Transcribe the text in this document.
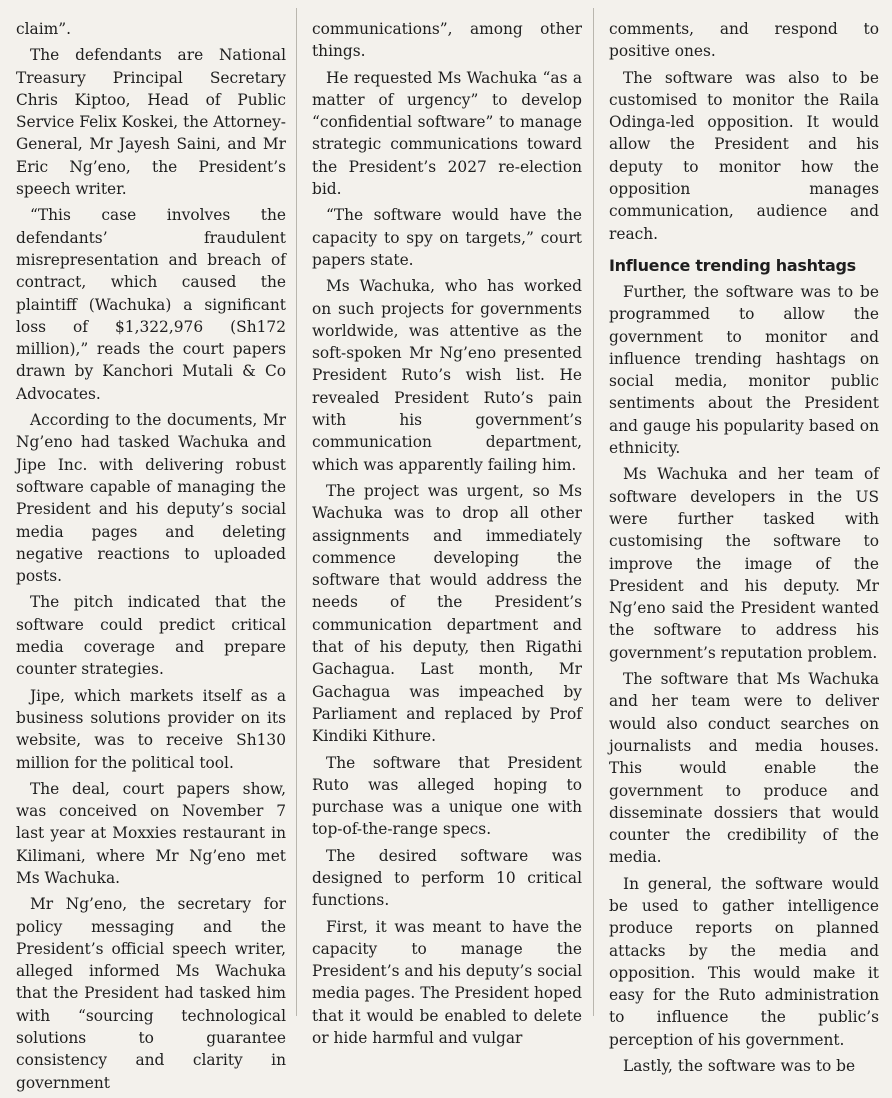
claim”.

The defendants are National Treasury Principal Secretary Chris Kiptoo, Head of Public Service Felix Koskei, the Attorney-General, Mr Jayesh Saini, and Mr Eric Ng’eno, the President’s speech writer.

“This case involves the defendants’ fraudulent misrepresentation and breach of contract, which caused the plaintiff (Wachuka) a significant loss of $1,322,976 (Sh172 million),” reads the court papers drawn by Kanchori Mutali & Co Advocates.

According to the documents, Mr Ng’eno had tasked Wachuka and Jipe Inc. with delivering robust software capable of managing the President and his deputy’s social media pages and deleting negative reactions to uploaded posts.

The pitch indicated that the software could predict critical media coverage and prepare counter strategies.

Jipe, which markets itself as a business solutions provider on its website, was to receive Sh130 million for the political tool.

The deal, court papers show, was conceived on November 7 last year at Moxxies restaurant in Kilimani, where Mr Ng’eno met Ms Wachuka.

Mr Ng’eno, the secretary for policy messaging and the President’s official speech writer, alleged informed Ms Wachuka that the President had tasked him with “sourcing technological solutions to guarantee consistency and clarity in government

communications”, among other things.

He requested Ms Wachuka “as a matter of urgency” to develop “confidential software” to manage strategic communications toward the President’s 2027 re-election bid.

“The software would have the capacity to spy on targets,” court papers state.

Ms Wachuka, who has worked on such projects for governments worldwide, was attentive as the soft-spoken Mr Ng’eno presented President Ruto’s wish list. He revealed President Ruto’s pain with his government’s communication department, which was apparently failing him.

The project was urgent, so Ms Wachuka was to drop all other assignments and immediately commence developing the software that would address the needs of the President’s communication department and that of his deputy, then Rigathi Gachagua. Last month, Mr Gachagua was impeached by Parliament and replaced by Prof Kindiki Kithure.

The software that President Ruto was alleged hoping to purchase was a unique one with top-of-the-range specs.

The desired software was designed to perform 10 critical functions.

First, it was meant to have the capacity to manage the President’s and his deputy’s social media pages. The President hoped that it would be enabled to delete or hide harmful and vulgar

comments, and respond to positive ones.

The software was also to be customised to monitor the Raila Odinga-led opposition. It would allow the President and his deputy to monitor how the opposition manages communication, audience and reach.

Influence trending hashtags

Further, the software was to be programmed to allow the government to monitor and influence trending hashtags on social media, monitor public sentiments about the President and gauge his popularity based on ethnicity.

Ms Wachuka and her team of software developers in the US were further tasked with customising the software to improve the image of the President and his deputy. Mr Ng’eno said the President wanted the software to address his government’s reputation problem.

The software that Ms Wachuka and her team were to deliver would also conduct searches on journalists and media houses. This would enable the government to produce and disseminate dossiers that would counter the credibility of the media.

In general, the software would be used to gather intelligence produce reports on planned attacks by the media and opposition. This would make it easy for the Ruto administration to influence the public’s perception of his government.

Lastly, the software was to be
